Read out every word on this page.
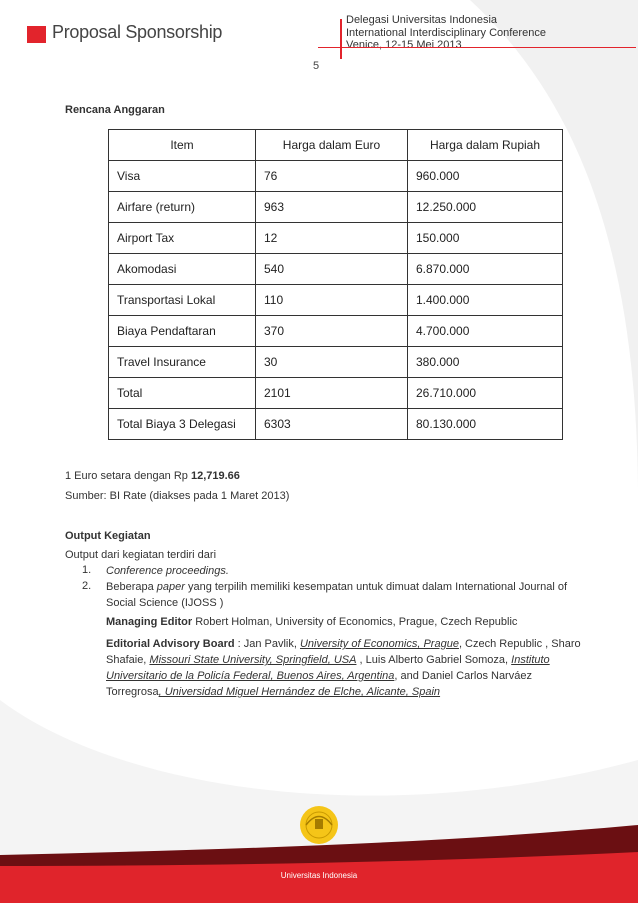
Proposal Sponsorship
Delegasi Universitas Indonesia
International Interdisciplinary Conference
Venice, 12-15 Mei 2013
5
Rencana Anggaran
Item	Harga dalam Euro	Harga dalam Rupiah
Visa	76	960.000
Airfare (return)	963	12.250.000
Airport Tax	12	150.000
Akomodasi	540	6.870.000
Transportasi Lokal	110	1.400.000
Biaya Pendaftaran	370	4.700.000
Travel Insurance	30	380.000
Total	2101	26.710.000
Total Biaya 3 Delegasi	6303	80.130.000
1 Euro setara dengan Rp 12,719.66
Sumber: BI Rate (diakses pada 1 Maret 2013)
Output Kegiatan
Output dari kegiatan terdiri dari
1. Conference proceedings.
2. Beberapa paper yang terpilih memiliki kesempatan untuk dimuat dalam International Journal of
Social Science (IJOSS )
Managing Editor Robert Holman, University of Economics, Prague, Czech Republic
Editorial Advisory Board : Jan Pavlik, University of Economics, Prague, Czech Republic , Sharo
Shafaie, Missouri State University, Springfield, USA , Luis Alberto Gabriel Somoza, Instituto
Universitario de la Policía Federal, Buenos Aires, Argentina, and Daniel Carlos Narváez
Torregrosa, Universidad Miguel Hernández de Elche, Alicante, Spain
Universitas Indonesia
